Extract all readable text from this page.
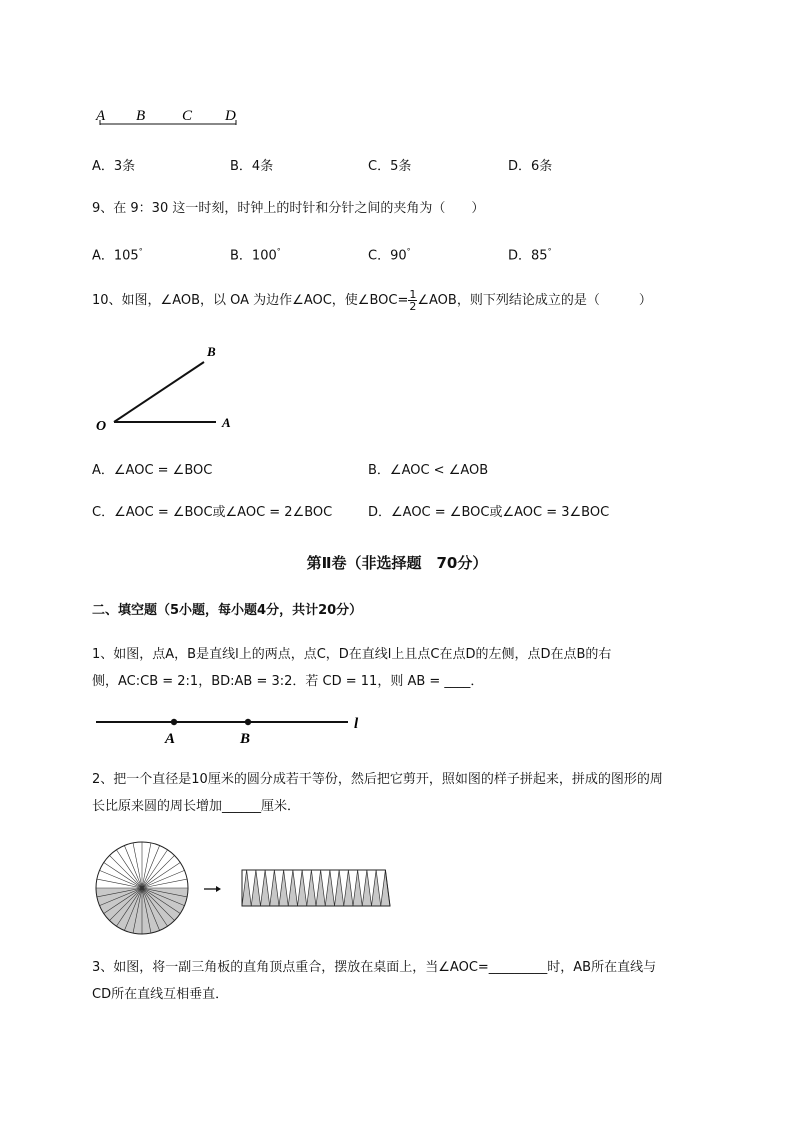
A B C D
A．3条	B．4条	C．5条	D．6条
9、在 9：30 这一时刻，时钟上的时针和分针之间的夹角为（　　）
A．105°	B．100°	C．90°	D．85°
10、如图，∠AOB，以 OA 为边作∠AOC，使∠BOC= $\frac{1}{2}$ ∠AOB，则下列结论成立的是（　　　）
B
O	A
A．∠AOC = ∠BOC	B．∠AOC < ∠AOB
C．∠AOC = ∠BOC或∠AOC = 2∠BOC	D．∠AOC = ∠BOC或∠AOC = 3∠BOC
第Ⅱ卷（非选择题　70分）
二、填空题（5小题，每小题4分，共计20分）
1、如图，点A，B是直线l上的两点，点C，D在直线l上且点C在点D的左侧，点D在点B的右
侧，AC:CB = 2:1，BD:AB = 3:2．若 CD = 11，则 AB = ____．
A	B
l
2、把一个直径是10厘米的圆分成若干等份，然后把它剪开，照如图的样子拼起来，拼成的图形的周
长比原来圆的周长增加______厘米．
3、如图，将一副三角板的直角顶点重合，摆放在桌面上，当∠AOC=_________时，AB所在直线与
CD所在直线互相垂直．
